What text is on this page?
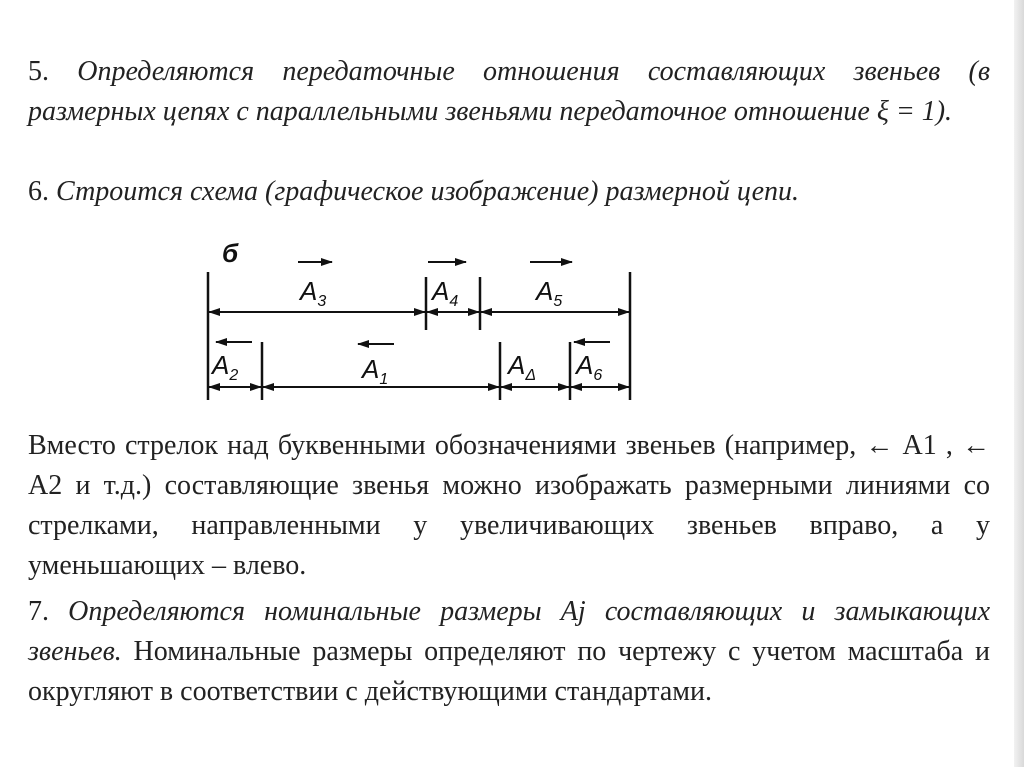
5. Определяются передаточные отношения составляющих звеньев (в размерных цепях с параллельными звеньями передаточное отношение ξ = 1).

6. Строится схема (графическое изображение) размерной цепи.

б
$A_3$	$A_4$	$A_5$
$A_2$	$A_1$	$A_\Delta$ $A_6$

Вместо стрелок над буквенными обозначениями звеньев (например, ← А1 , ← А2 и т.д.) составляющие звенья можно изображать размерными линиями со стрелками, направленными у увеличивающих звеньев вправо, а у уменьшающих – влево.

7. Определяются номинальные размеры Aj составляющих и замыкающих звеньев. Номинальные размеры определяют по чертежу с учетом масштаба и округляют в соответствии с действующими стандартами.
